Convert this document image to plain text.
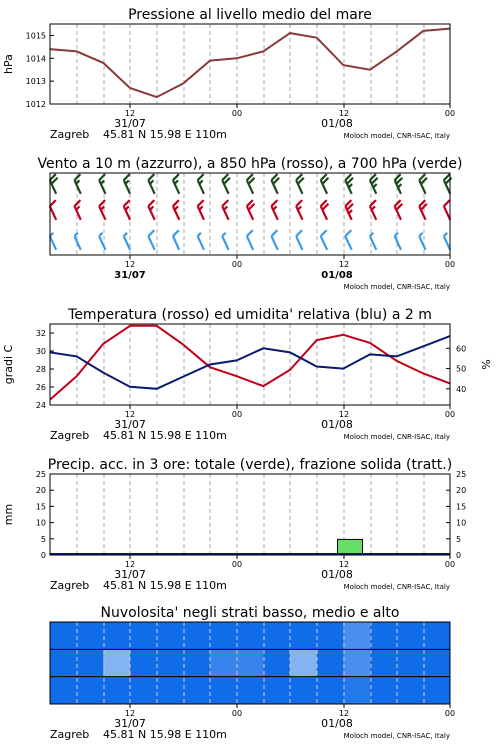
Pressione al livello medio del mare
1012
1013
1014
1015
hPa
12	00	12	00
31/07	01/08
Zagreb 45.81 N 15.98 E 110m	Moloch model, CNR-ISAC, Italy
Vento a 10 m (azzurro), a 850 hPa (rosso), a 700 hPa (verde)
12	00	12	00
31/07	01/08
Moloch model, CNR-ISAC, Italy
Temperatura (rosso) ed umidita' relativa (blu) a 2 m
24
26
28
30
32
40
50
60
gradi C	%
12	00	12	00
31/07	01/08
Zagreb 45.81 N 15.98 E 110m	Moloch model, CNR-ISAC, Italy
Precip. acc. in 3 ore: totale (verde), frazione solida (tratt.)
0
5
10
15
20
25
0
5
10
15
20
25
mm
12	00	12	00
31/07	01/08
Zagreb 45.81 N 15.98 E 110m	Moloch model, CNR-ISAC, Italy
Nuvolosita' negli strati basso, medio e alto
12	00	12	00
31/07	01/08
Zagreb 45.81 N 15.98 E 110m	Moloch model, CNR-ISAC, Italy
